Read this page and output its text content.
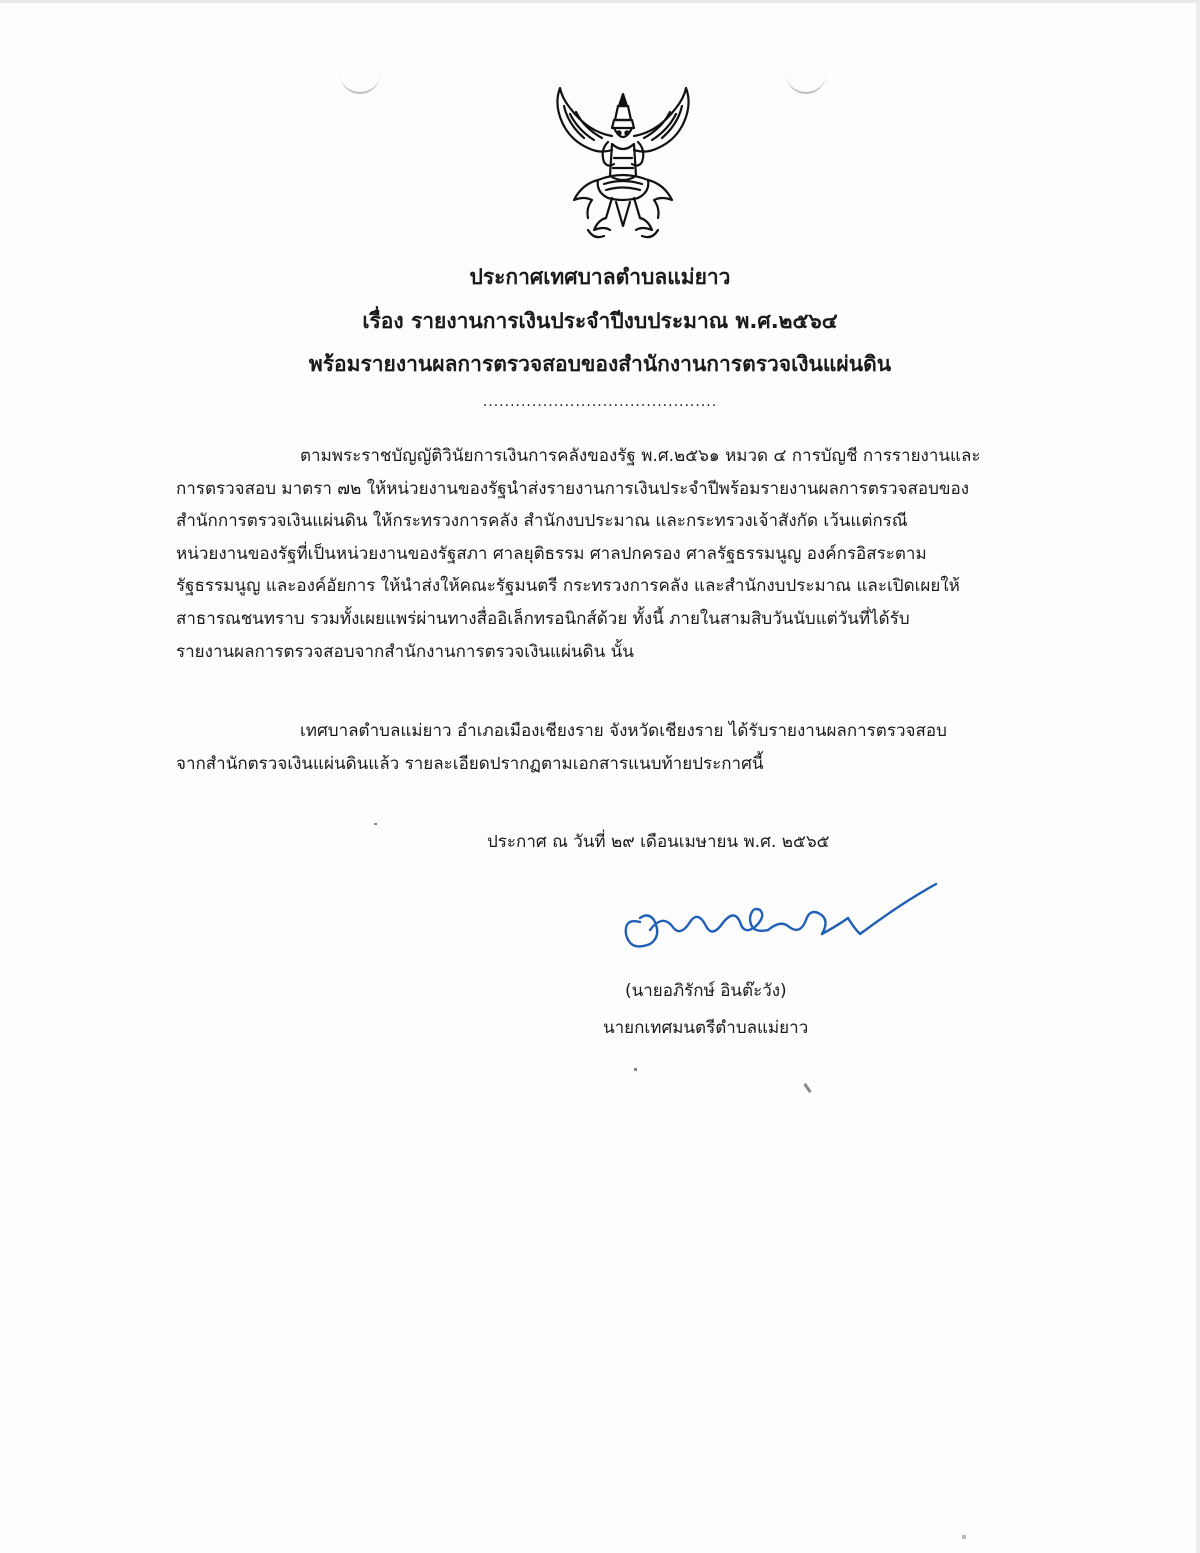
ประกาศเทศบาลตำบลแม่ยาว
เรื่อง รายงานการเงินประจำปีงบประมาณ พ.ศ.๒๕๖๔
พร้อมรายงานผลการตรวจสอบของสำนักงานการตรวจเงินแผ่นดิน
...........................................
ตามพระราชบัญญัติวินัยการเงินการคลังของรัฐ พ.ศ.๒๕๖๑ หมวด ๔ การบัญชี การรายงานและ
การตรวจสอบ มาตรา ๗๒ ให้หน่วยงานของรัฐนำส่งรายงานการเงินประจำปีพร้อมรายงานผลการตรวจสอบของ
สำนักการตรวจเงินแผ่นดิน ให้กระทรวงการคลัง สำนักงบประมาณ และกระทรวงเจ้าสังกัด เว้นแต่กรณี
หน่วยงานของรัฐที่เป็นหน่วยงานของรัฐสภา ศาลยุติธรรม ศาลปกครอง ศาลรัฐธรรมนูญ องค์กรอิสระตาม
รัฐธรรมนูญ และองค์อัยการ ให้นำส่งให้คณะรัฐมนตรี กระทรวงการคลัง และสำนักงบประมาณ และเปิดเผยให้
สาธารณชนทราบ รวมทั้งเผยแพร่ผ่านทางสื่ออิเล็กทรอนิกส์ด้วย ทั้งนี้ ภายในสามสิบวันนับแต่วันที่ได้รับ
รายงานผลการตรวจสอบจากสำนักงานการตรวจเงินแผ่นดิน นั้น
เทศบาลตำบลแม่ยาว อำเภอเมืองเชียงราย จังหวัดเชียงราย ได้รับรายงานผลการตรวจสอบ
จากสำนักตรวจเงินแผ่นดินแล้ว รายละเอียดปรากฏตามเอกสารแนบท้ายประกาศนี้
ประกาศ ณ วันที่ ๒๙ เดือนเมษายน พ.ศ. ๒๕๖๕
(นายอภิรักษ์ อินต๊ะวัง)
นายกเทศมนตรีตำบลแม่ยาว
